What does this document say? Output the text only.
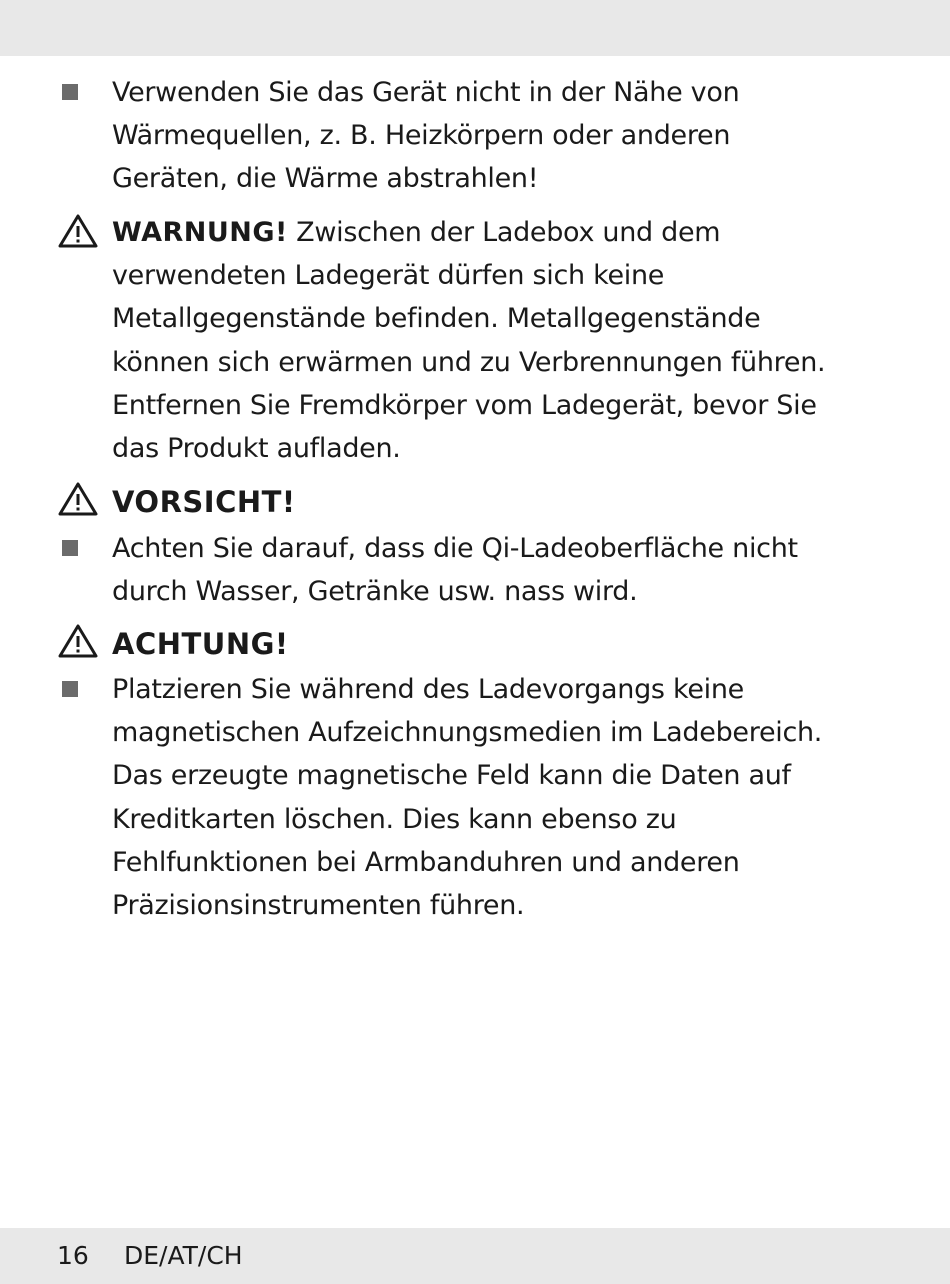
Verwenden Sie das Gerät nicht in der Nähe von Wärmequellen, z. B. Heizkörpern oder anderen Geräten, die Wärme abstrahlen!

WARNUNG! Zwischen der Ladebox und dem verwendeten Ladegerät dürfen sich keine Metallgegenstände befinden. Metallgegenstände können sich erwärmen und zu Verbrennungen führen. Entfernen Sie Fremdkörper vom Ladegerät, bevor Sie das Produkt aufladen.

VORSICHT!

Achten Sie darauf, dass die Qi-Ladeoberfläche nicht durch Wasser, Getränke usw. nass wird.

ACHTUNG!

Platzieren Sie während des Ladevorgangs keine magnetischen Aufzeichnungsmedien im Ladebereich. Das erzeugte magnetische Feld kann die Daten auf Kreditkarten löschen. Dies kann ebenso zu Fehlfunktionen bei Armbanduhren und anderen Präzisionsinstrumenten führen.

16 DE/AT/CH
